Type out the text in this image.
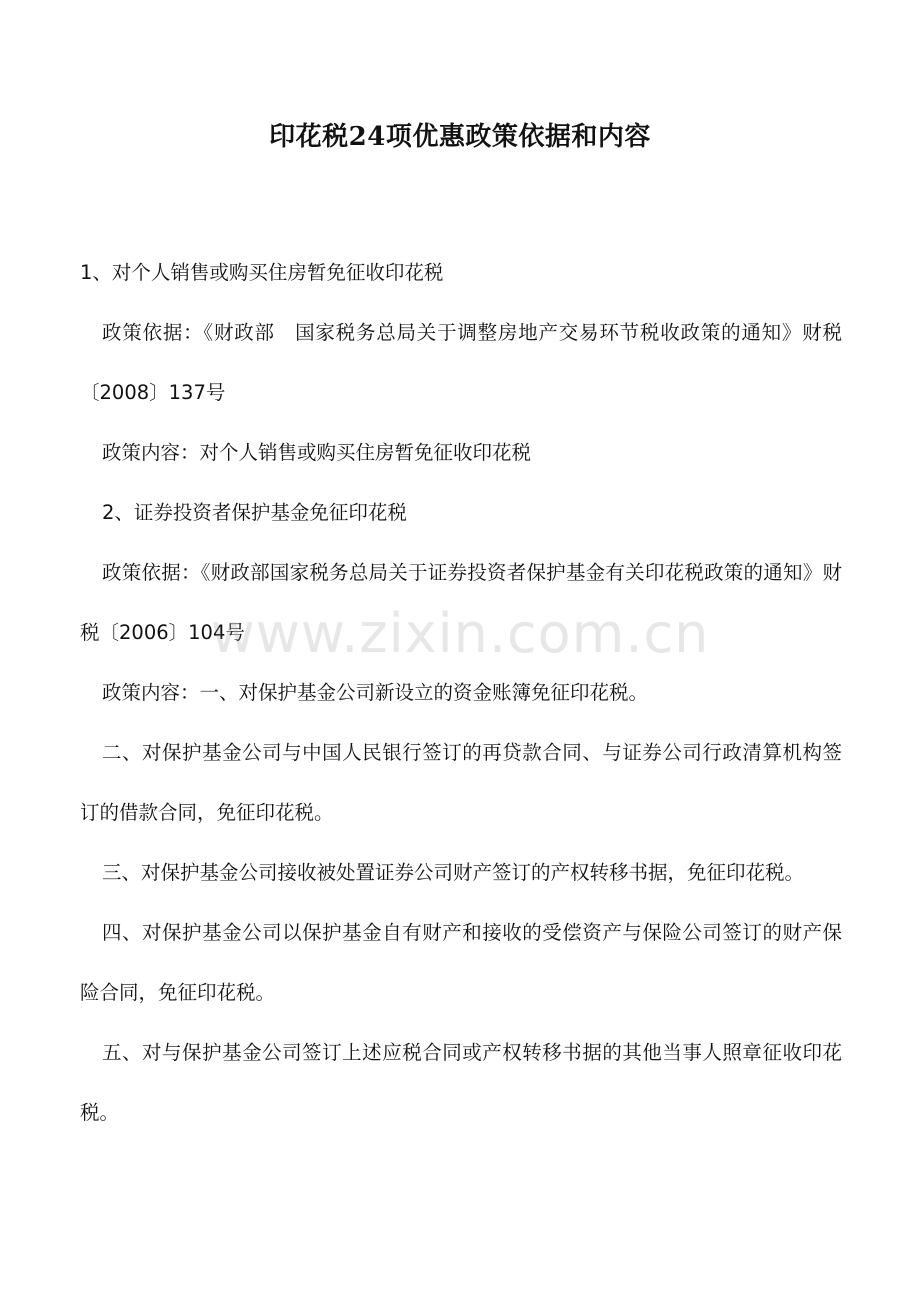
印花税24项优惠政策依据和内容

1、对个人销售或购买住房暂免征收印花税

政策依据：《财政部　国家税务总局关于调整房地产交易环节税收政策的通知》财税〔2008〕137号

政策内容：对个人销售或购买住房暂免征收印花税

2、证券投资者保护基金免征印花税

政策依据：《财政部国家税务总局关于证券投资者保护基金有关印花税政策的通知》财税〔2006〕104号

政策内容：一、对保护基金公司新设立的资金账簿免征印花税。

二、对保护基金公司与中国人民银行签订的再贷款合同、与证券公司行政清算机构签订的借款合同，免征印花税。

三、对保护基金公司接收被处置证券公司财产签订的产权转移书据，免征印花税。

四、对保护基金公司以保护基金自有财产和接收的受偿资产与保险公司签订的财产保险合同，免征印花税。

五、对与保护基金公司签订上述应税合同或产权转移书据的其他当事人照章征收印花税。

www.zixin.com.cn
